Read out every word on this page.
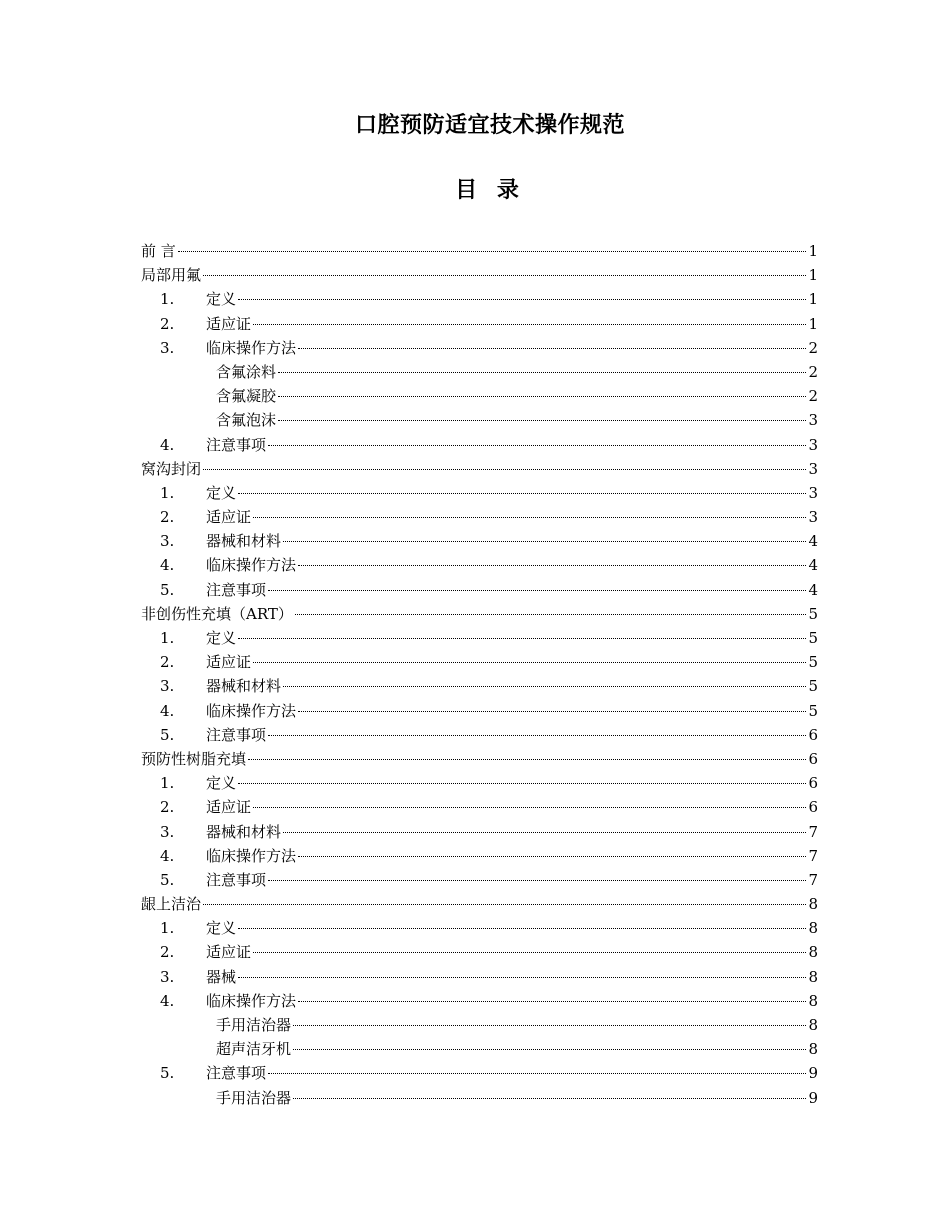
口腔预防适宜技术操作规范
目 录
前 言	1
局部用氟	1
1.	定义	1
2.	适应证	1
3.	临床操作方法	2
含氟涂料	2
含氟凝胶	2
含氟泡沫	3
4.	注意事项	3
窝沟封闭	3
1.	定义	3
2.	适应证	3
3.	器械和材料	4
4.	临床操作方法	4
5.	注意事项	4
非创伤性充填（ART）	5
1.	定义	5
2.	适应证	5
3.	器械和材料	5
4.	临床操作方法	5
5.	注意事项	6
预防性树脂充填	6
1.	定义	6
2.	适应证	6
3.	器械和材料	7
4.	临床操作方法	7
5.	注意事项	7
龈上洁治	8
1.	定义	8
2.	适应证	8
3.	器械	8
4.	临床操作方法	8
手用洁治器	8
超声洁牙机	8
5.	注意事项	9
手用洁治器	9
